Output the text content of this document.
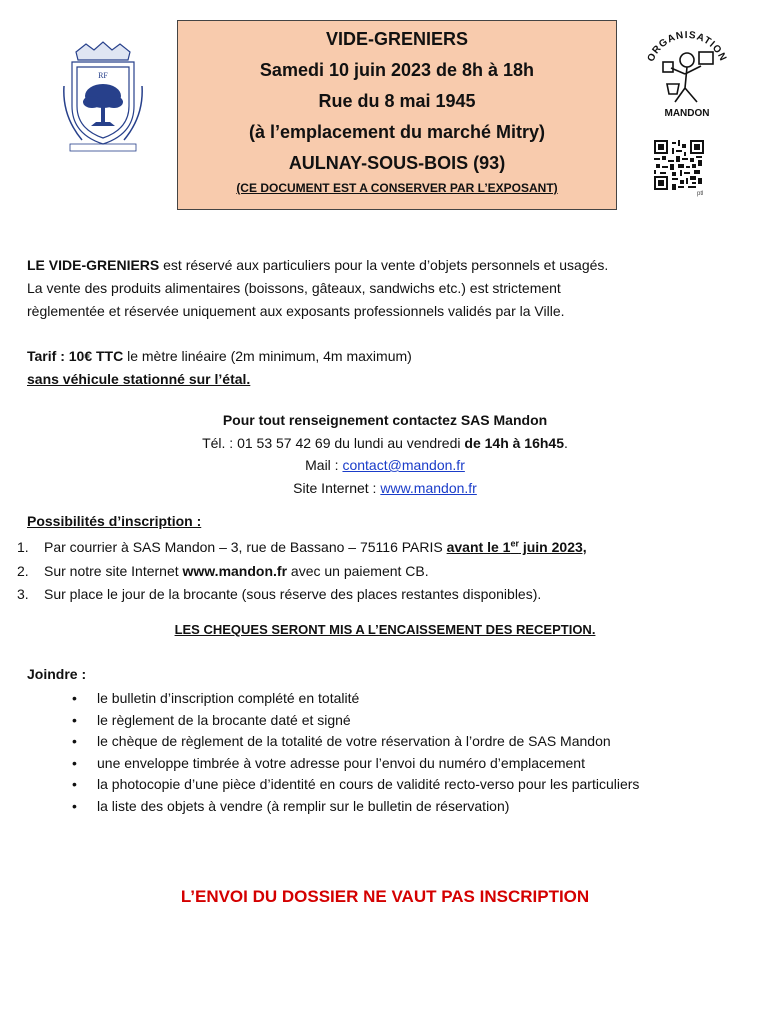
RF
VIDE-GRENIERS
Samedi 10 juin 2023 de 8h à 18h
Rue du 8 mai 1945
(à l’emplacement du marché Mitry)
AULNAY-SOUS-BOIS (93)
(CE DOCUMENT EST A CONSERVER PAR L’EXPOSANT)
ORGANISATION
MANDON
ptl
LE VIDE-GRENIERS est réservé aux particuliers pour la vente d’objets personnels et usagés.
La vente des produits alimentaires (boissons, gâteaux, sandwichs etc.) est strictement
règlementée et réservée uniquement aux exposants professionnels validés par la Ville.
Tarif : 10€ TTC le mètre linéaire (2m minimum, 4m maximum)
sans véhicule stationné sur l’étal.
Pour tout renseignement contactez SAS Mandon
Tél. : 01 53 57 42 69 du lundi au vendredi de 14h à 16h45.
Mail : contact@mandon.fr
Site Internet : www.mandon.fr
Possibilités d’inscription :
1.	Par courrier à SAS Mandon – 3, rue de Bassano – 75116 PARIS avant le 1er juin 2023,
2.	Sur notre site Internet www.mandon.fr avec un paiement CB.
3.	Sur place le jour de la brocante (sous réserve des places restantes disponibles).
LES CHEQUES SERONT MIS A L’ENCAISSEMENT DES RECEPTION.
Joindre :
•	le bulletin d’inscription complété en totalité
•	le règlement de la brocante daté et signé
•	le chèque de règlement de la totalité de votre réservation à l’ordre de SAS Mandon
•	une enveloppe timbrée à votre adresse pour l’envoi du numéro d’emplacement
•	la photocopie d’une pièce d’identité en cours de validité recto-verso pour les particuliers
•	la liste des objets à vendre (à remplir sur le bulletin de réservation)
L’ENVOI DU DOSSIER NE VAUT PAS INSCRIPTION
